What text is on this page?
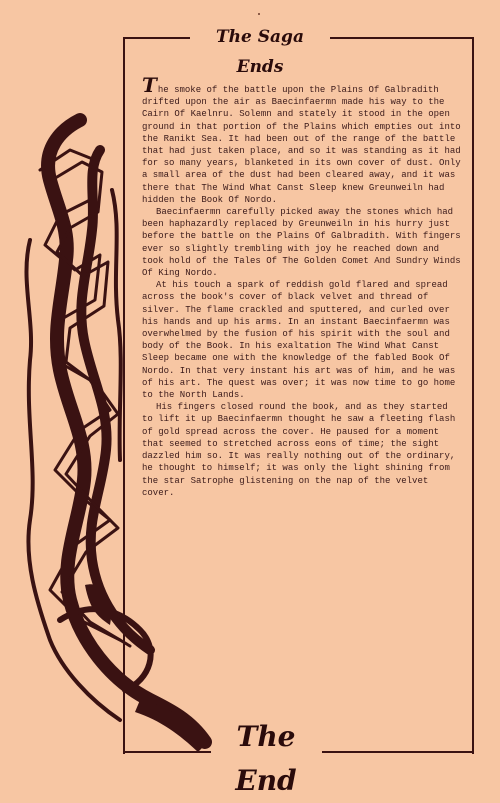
The Saga Ends

The smoke of the battle upon the Plains Of Galbradith drifted upon the air as Baecinfaermn made his way to the Cairn Of Kaelnru. Solemn and stately it stood in the open ground in that portion of the Plains which empties out into the Ranikt Sea. It had been out of the range of the battle that had just taken place, and so it was standing as it had for so many years, blanketed in its own cover of dust. Only a small area of the dust had been cleared away, and it was there that The Wind What Canst Sleep knew Greunweiln had hidden the Book Of Nordo.

Baecinfaermn carefully picked away the stones which had been haphazardly replaced by Greunweiln in his hurry just before the battle on the Plains Of Galbradith. With fingers ever so slightly trembling with joy he reached down and took hold of the Tales Of The Golden Comet And Sundry Winds Of King Nordo.

At his touch a spark of reddish gold flared and spread across the book's cover of black velvet and thread of silver. The flame crackled and sputtered, and curled over his hands and up his arms. In an instant Baecinfaermn was overwhelmed by the fusion of his spirit with the soul and body of the Book. In his exaltation The Wind What Canst Sleep became one with the knowledge of the fabled Book Of Nordo. In that very instant his art was of him, and he was of his art. The quest was over; it was now time to go home to the North Lands.

His fingers closed round the book, and as they started to lift it up Baecinfaermn thought he saw a fleeting flash of gold spread across the cover. He paused for a moment that seemed to stretched across eons of time; the sight dazzled him so. It was really nothing out of the ordinary, he thought to himself; it was only the light shining from the star Satrophe glistening on the nap of the velvet cover.

The End
